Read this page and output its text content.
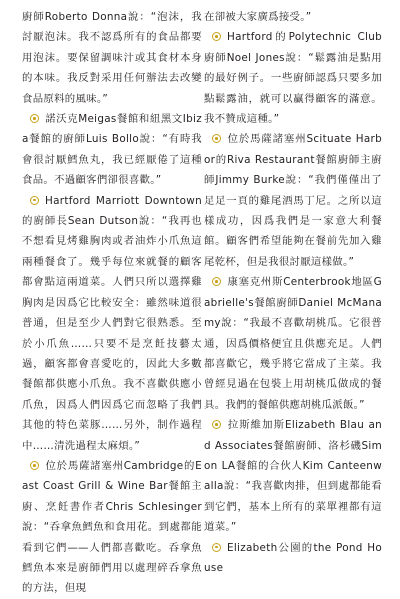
廚師Roberto Donna說：“泡沫，我討厭泡沫。我不認爲所有的食品都要用泡沫。要保留調味汁或其食材本身的本味。我反對采用任何辦法去改變食品原料的風味。”

諾沃克Meigas餐館和紐黑文Ibiza餐館的廚師Luis Bollo說：“有時我會很討厭鱈魚丸，我已經厭倦了這種食品。不過顧客們卻很喜歡。”

Hartford Marriott Downtown的廚師長Sean Dutson說：“我再也不想看見烤雞胸肉或者油炸小爪魚這兩種餐食了。幾乎每位來就餐的顧客都會點這兩道菜。人們只所以選擇雞胸肉是因爲它比較安全：雖然味道很普通，但是至少人們對它很熟悉。至於小爪魚……只要不是烹飪技藝太過，顧客都會喜愛吃的，因此大多數餐館都供應小爪魚。我不喜歡供應小爪魚，因爲人們因爲它而忽略了我們其他的特色菜豚……另外，制作過程中……清洗過程太麻煩。”

位於馬薩諸塞州Cambridge的East Coast Grill & Wine Bar餐館主廚、烹飪書作者Chris Schlesinger說：“呑拿魚鱈魚和食用花。到處都能看到它們——人們都喜歡吃。呑拿魚鱈魚本來是廚師們用以處理碎呑拿魚的方法，但現

在卻被大家廣爲接受。”

Hartford的Polytechnic Club廚師Noel Jones說：“鬆露油是點用的最好例子。一些廚師認爲只要多加點鬆露油，就可以贏得顧客的滿意。我不贊成這種。”

位於馬薩諸塞州Scituate Harbor的Riva Restaurant餐館廚師主廚師Jimmy Burke說：“我們僅僅出了足足一頁的雞尾酒馬丁尼。之所以這樣成功，因爲我們是一家意大利餐館。顧客們希望能夠在餐前先加入雞尾乾杯，但是我很討厭這樣做。”

康塞克州斯Centerbrook地區Gabrielle's餐館廚師Daniel McManamy說：“我最不喜歡胡桃瓜。它很普通，因爲價格便宜且供應充足。人們都喜歡它，幾乎將它當成了主菜。我曾經見過在包裝上用胡桃瓜做成的餐具。我們的餐館供應胡桃瓜派飯。”

拉斯維加斯Elizabeth Blau and Associates餐館廚師、洛杉磯Simon LA餐館的合伙人Kim Canteenwalla說：“我喜歡肉排，但到處都能看到它們，基本上所有的菜單裡都有這道菜。”

Elizabeth公園的the Pond House
